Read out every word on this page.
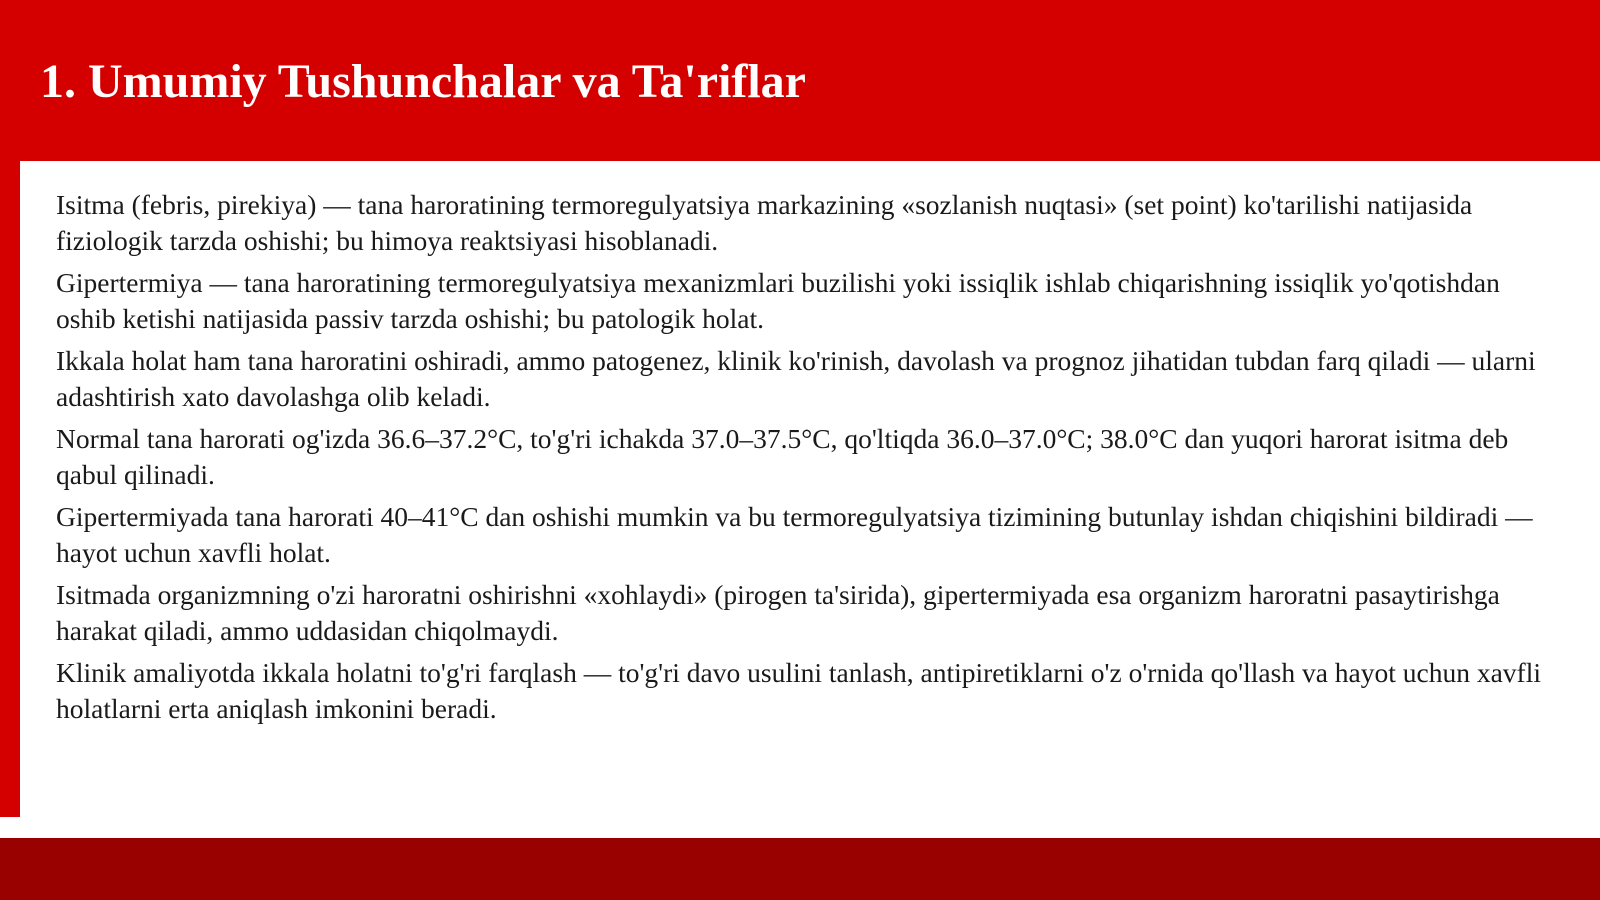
1. Umumiy Tushunchalar va Ta'riflar

Isitma (febris, pirekiya) — tana haroratining termoregulyatsiya markazining «sozlanish nuqtasi» (set point) ko'tarilishi natijasida fiziologik tarzda oshishi; bu himoya reaktsiyasi hisoblanadi.

Gipertermiya — tana haroratining termoregulyatsiya mexanizmlari buzilishi yoki issiqlik ishlab chiqarishning issiqlik yo'qotishdan oshib ketishi natijasida passiv tarzda oshishi; bu patologik holat.

Ikkala holat ham tana haroratini oshiradi, ammo patogenez, klinik ko'rinish, davolash va prognoz jihatidan tubdan farq qiladi — ularni adashtirish xato davolashga olib keladi.

Normal tana harorati og'izda 36.6–37.2°C, to'g'ri ichakda 37.0–37.5°C, qo'ltiqda 36.0–37.0°C; 38.0°C dan yuqori harorat isitma deb qabul qilinadi.

Gipertermiyada tana harorati 40–41°C dan oshishi mumkin va bu termoregulyatsiya tizimining butunlay ishdan chiqishini bildiradi — hayot uchun xavfli holat.

Isitmada organizmning o'zi haroratni oshirishni «xohlaydi» (pirogen ta'sirida), gipertermiyada esa organizm haroratni pasaytirishga harakat qiladi, ammo uddasidan chiqolmaydi.

Klinik amaliyotda ikkala holatni to'g'ri farqlash — to'g'ri davo usulini tanlash, antipiretiklarni o'z o'rnida qo'llash va hayot uchun xavfli holatlarni erta aniqlash imkonini beradi.
